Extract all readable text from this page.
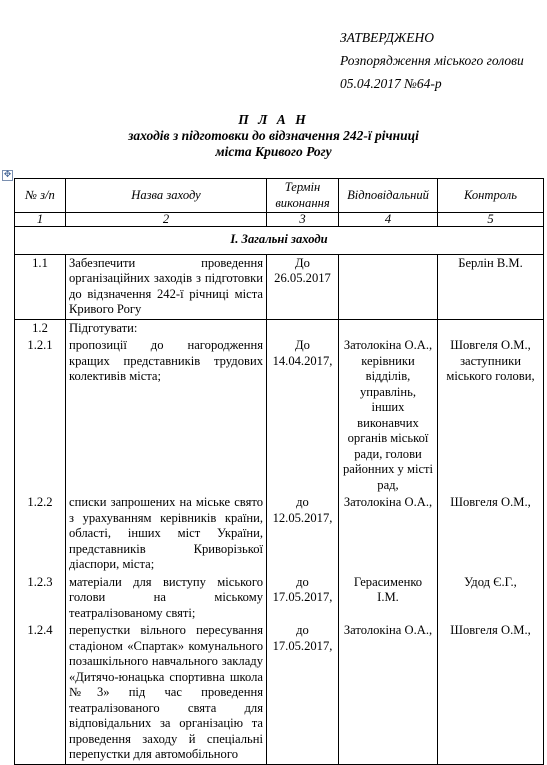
ЗАТВЕРДЖЕНО
Розпорядження міського голови
05.04.2017 №64-р
П Л А Н
заходів з підготовки до відзначення 242-ї річниці
міста Кривого Рогу
✥
№ з/п	Назва заходу	Термін виконання	Відповідальний	Контроль
1	2	3	4	5
І. Загальні заходи				
1.1	Забезпечити проведення організаційних заходів з підготовки до відзначення 242-ї річниці міста Кривого Рогу	До 26.05.2017		Берлін В.М.
1.2	Підготувати:			
1.2.1	пропозиції до нагородження кращих представників трудових колективів міста;	До 14.04.2017,	Затолокіна О.А., керівники відділів, управлінь, інших виконавчих органів міської ради, голови районних у місті рад,	Шовгеля О.М., заступники міського голови,
1.2.2	списки запрошених на міське свято з урахуванням керівників країни, області, інших міст України, представників Криворізької діаспори, міста;	до 12.05.2017,	Затолокіна О.А.,	Шовгеля О.М.,
1.2.3	матеріали для виступу міського голови на міському театралізованому святі;	до 17.05.2017,	Герасименко І.М.	Удод Є.Г.,
1.2.4	перепустки вільного пересування стадіоном «Спартак» комунального позашкільного навчального закладу «Дитячо-юнацька спортивна школа №3» під час проведення театралізованого свята для відповідальних за організацію та проведення заходу й спеціальні перепустки для автомобільного	до 17.05.2017,	Затолокіна О.А.,	Шовгеля О.М.,
